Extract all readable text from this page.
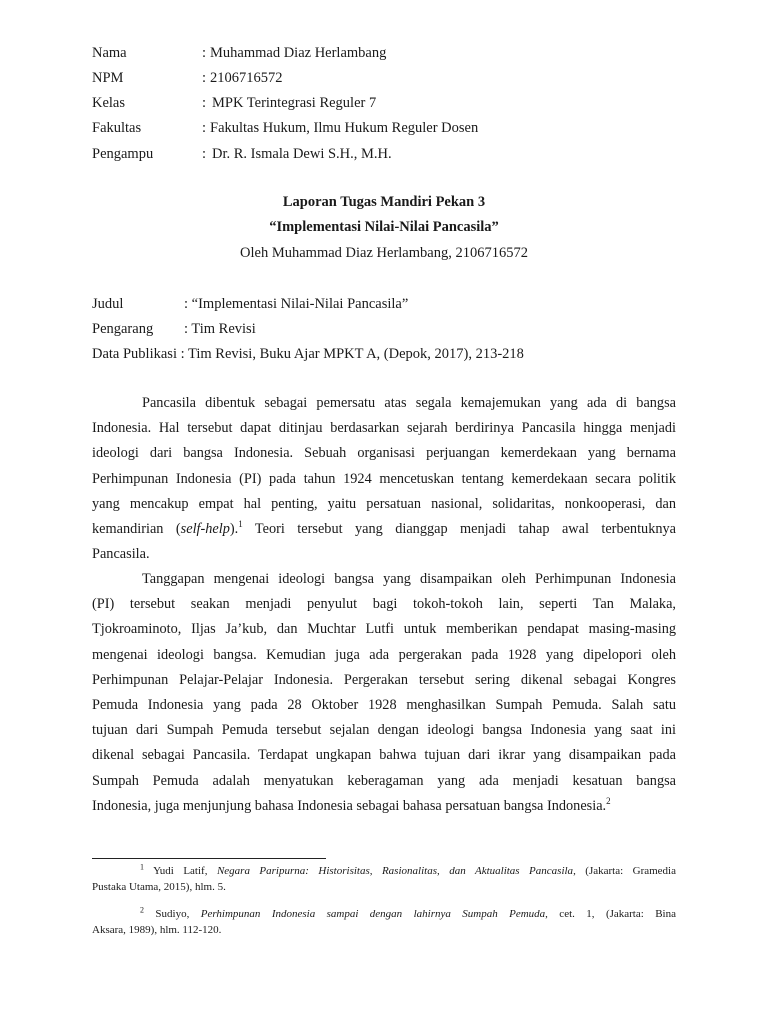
Nama	: Muhammad Diaz Herlambang
NPM	: 2106716572
Kelas	: MPK Terintegrasi Reguler 7
Fakultas	: Fakultas Hukum, Ilmu Hukum Reguler Dosen
Pengampu	: Dr. R. Ismala Dewi S.H., M.H.
Laporan Tugas Mandiri Pekan 3
“Implementasi Nilai-Nilai Pancasila”
Oleh Muhammad Diaz Herlambang, 2106716572
Judul	: “Implementasi Nilai-Nilai Pancasila”
Pengarang : Tim Revisi
Data Publikasi : Tim Revisi, Buku Ajar MPKT A, (Depok, 2017), 213-218
Pancasila dibentuk sebagai pemersatu atas segala kemajemukan yang ada di bangsa
Indonesia. Hal tersebut dapat ditinjau berdasarkan sejarah berdirinya Pancasila hingga menjadi
ideologi dari bangsa Indonesia. Sebuah organisasi perjuangan kemerdekaan yang bernama
Perhimpunan Indonesia (PI) pada tahun 1924 mencetuskan tentang kemerdekaan secara politik
yang mencakup empat hal penting, yaitu persatuan nasional, solidaritas, nonkooperasi, dan
kemandirian (self-help).$^1$ Teori tersebut yang dianggap menjadi tahap awal terbentuknya
Pancasila.
Tanggapan mengenai ideologi bangsa yang disampaikan oleh Perhimpunan Indonesia
(PI) tersebut seakan menjadi penyulut bagi tokoh-tokoh lain, seperti Tan Malaka,
Tjokroaminoto, Iljas Ja’kub, dan Muchtar Lutfi untuk memberikan pendapat masing-masing
mengenai ideologi bangsa. Kemudian juga ada pergerakan pada 1928 yang dipelopori oleh
Perhimpunan Pelajar-Pelajar Indonesia. Pergerakan tersebut sering dikenal sebagai Kongres
Pemuda Indonesia yang pada 28 Oktober 1928 menghasilkan Sumpah Pemuda. Salah satu
tujuan dari Sumpah Pemuda tersebut sejalan dengan ideologi bangsa Indonesia yang saat ini
dikenal sebagai Pancasila. Terdapat ungkapan bahwa tujuan dari ikrar yang disampaikan pada
Sumpah Pemuda adalah menyatukan keberagaman yang ada menjadi kesatuan bangsa
Indonesia, juga menjunjung bahasa Indonesia sebagai bahasa persatuan bangsa Indonesia.$^2$
$^1$ Yudi Latif, Negara Paripurna: Historisitas, Rasionalitas, dan Aktualitas Pancasila, (Jakarta: Gramedia
Pustaka Utama, 2015), hlm. 5.
$^2$ Sudiyo, Perhimpunan Indonesia sampai dengan lahirnya Sumpah Pemuda, cet. 1, (Jakarta: Bina
Aksara, 1989), hlm. 112-120.
